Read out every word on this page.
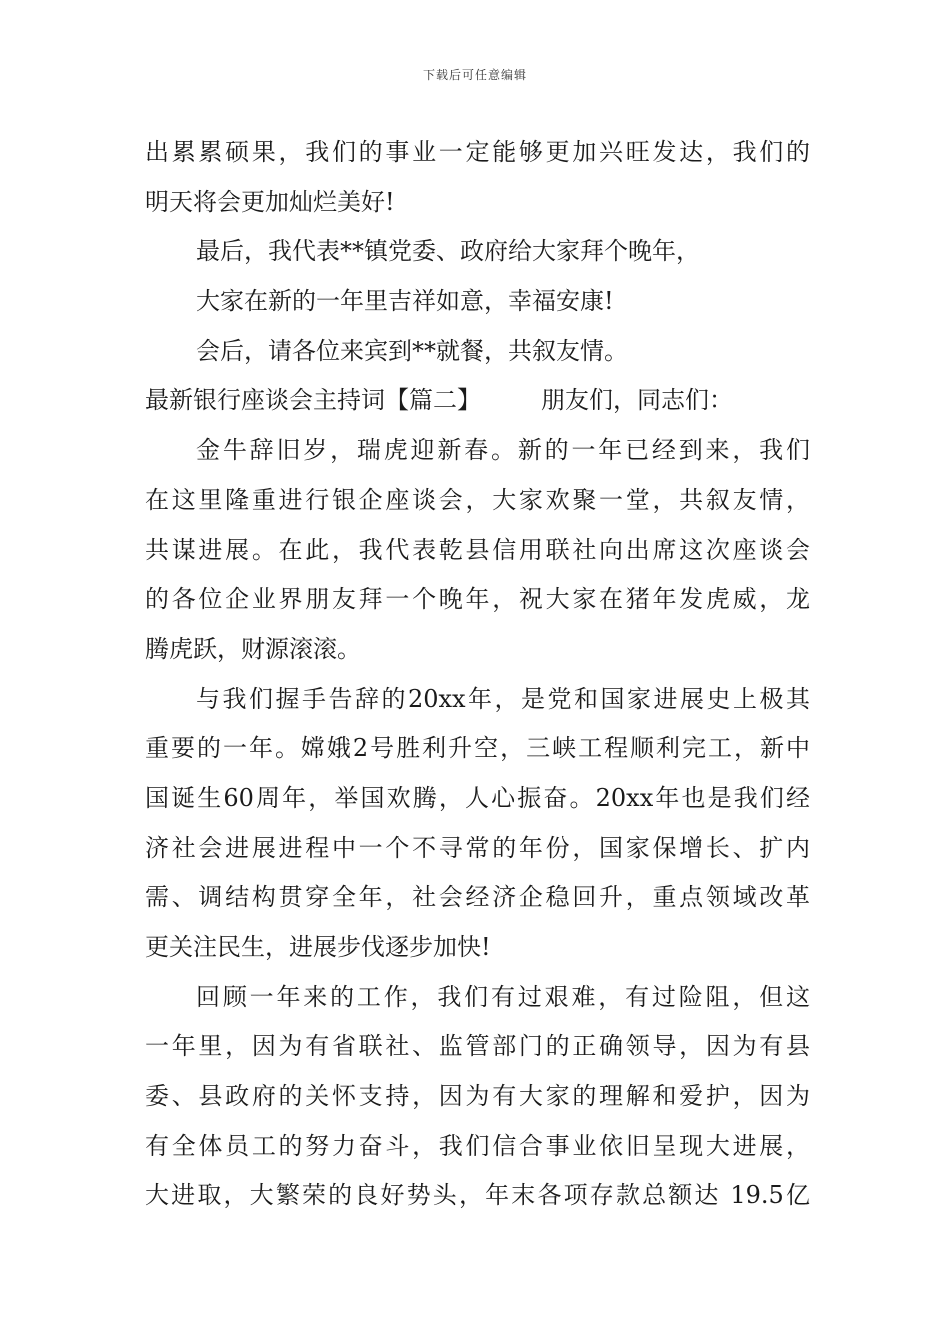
下载后可任意编辑
出累累硕果，我们的事业一定能够更加兴旺发达，我们的
明天将会更加灿烂美好!
最后，我代表**镇党委、政府给大家拜个晚年，
大家在新的一年里吉祥如意，幸福安康!
会后，请各位来宾到**就餐，共叙友情。
最新银行座谈会主持词【篇二】	朋友们，同志们：
金牛辞旧岁，瑞虎迎新春。新的一年已经到来，我们
在这里隆重进行银企座谈会，大家欢聚一堂，共叙友情，
共谋进展。在此，我代表乾县信用联社向出席这次座谈会
的各位企业界朋友拜一个晚年，祝大家在猪年发虎威，龙
腾虎跃，财源滚滚。
与我们握手告辞的20xx年，是党和国家进展史上极其
重要的一年。嫦娥2号胜利升空，三峡工程顺利完工，新中
国诞生60周年，举国欢腾，人心振奋。20xx年也是我们经
济社会进展进程中一个不寻常的年份，国家保增长、扩内
需、调结构贯穿全年，社会经济企稳回升，重点领域改革
更关注民生，进展步伐逐步加快!
回顾一年来的工作，我们有过艰难，有过险阻，但这
一年里，因为有省联社、监管部门的正确领导，因为有县
委、县政府的关怀支持，因为有大家的理解和爱护，因为
有全体员工的努力奋斗，我们信合事业依旧呈现大进展，
大进取，大繁荣的良好势头，年末各项存款总额达 19.5亿
